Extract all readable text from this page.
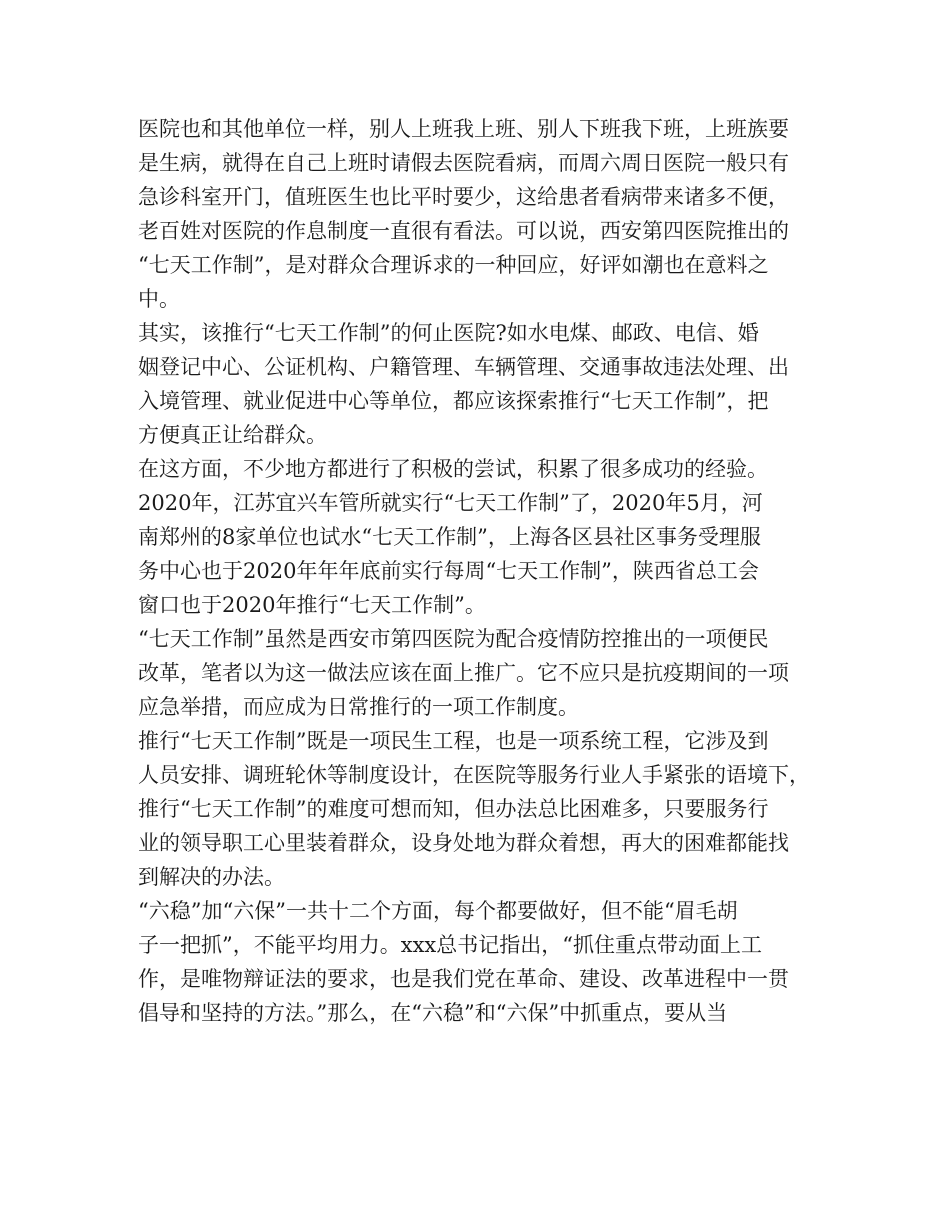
医院也和其他单位一样，别人上班我上班、别人下班我下班，上班族要
是生病，就得在自己上班时请假去医院看病，而周六周日医院一般只有
急诊科室开门，值班医生也比平时要少，这给患者看病带来诸多不便，
老百姓对医院的作息制度一直很有看法。可以说，西安第四医院推出的
“七天工作制”，是对群众合理诉求的一种回应，好评如潮也在意料之
中。
其实，该推行“七天工作制”的何止医院?如水电煤、邮政、电信、婚
姻登记中心、公证机构、户籍管理、车辆管理、交通事故违法处理、出
入境管理、就业促进中心等单位，都应该探索推行“七天工作制”，把
方便真正让给群众。
在这方面，不少地方都进行了积极的尝试，积累了很多成功的经验。
2020年，江苏宜兴车管所就实行“七天工作制”了，2020年5月，河
南郑州的8家单位也试水“七天工作制”，上海各区县社区事务受理服
务中心也于2020年年年底前实行每周“七天工作制”，陕西省总工会
窗口也于2020年推行“七天工作制”。
“七天工作制”虽然是西安市第四医院为配合疫情防控推出的一项便民
改革，笔者以为这一做法应该在面上推广。它不应只是抗疫期间的一项
应急举措，而应成为日常推行的一项工作制度。
推行“七天工作制”既是一项民生工程，也是一项系统工程，它涉及到
人员安排、调班轮休等制度设计，在医院等服务行业人手紧张的语境下，
推行“七天工作制”的难度可想而知，但办法总比困难多，只要服务行
业的领导职工心里装着群众，设身处地为群众着想，再大的困难都能找
到解决的办法。
“六稳”加“六保”一共十二个方面，每个都要做好，但不能“眉毛胡
子一把抓”，不能平均用力。xxx总书记指出，“抓住重点带动面上工
作，是唯物辩证法的要求，也是我们党在革命、建设、改革进程中一贯
倡导和坚持的方法。”那么，在“六稳”和“六保”中抓重点，要从当
